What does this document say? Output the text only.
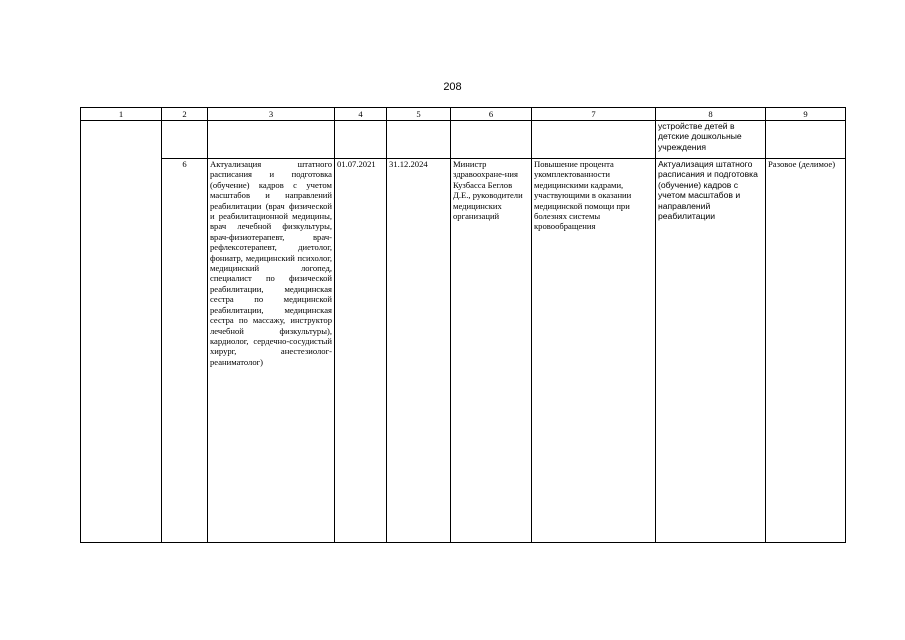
208
1	2	3	4	5	6	7	8	9
							устройстве детей в детские дошкольные учреждения	
	6	Актуализация штатного расписания и подготовка (обучение) кадров с учетом масштабов и направлений реабилитации (врач физической и реабилитационной медицины, врач лечебной физкультуры, врач-физиотерапевт, врач-рефлексотерапевт, диетолог, фониатр, медицинский психолог, медицинский логопед, специалист по физической реабилитации, медицинская сестра по медицинской реабилитации, медицинская сестра по массажу, инструктор лечебной физкультуры), кардиолог, сердечно-сосудистый хирург, анестезиолог-реаниматолог)	01.07.2021	31.12.2024	Министр здравоохране-ния Кузбасса Беглов Д.Е., руководители медицинских организаций	Повышение процента укомплектованности медицинскими кадрами, участвующими в оказании медицинской помощи при болезнях системы кровообращения	Актуализация штатного расписания и подготовка (обучение) кадров с учетом масштабов и направлений реабилитации	Разовое (делимое)
